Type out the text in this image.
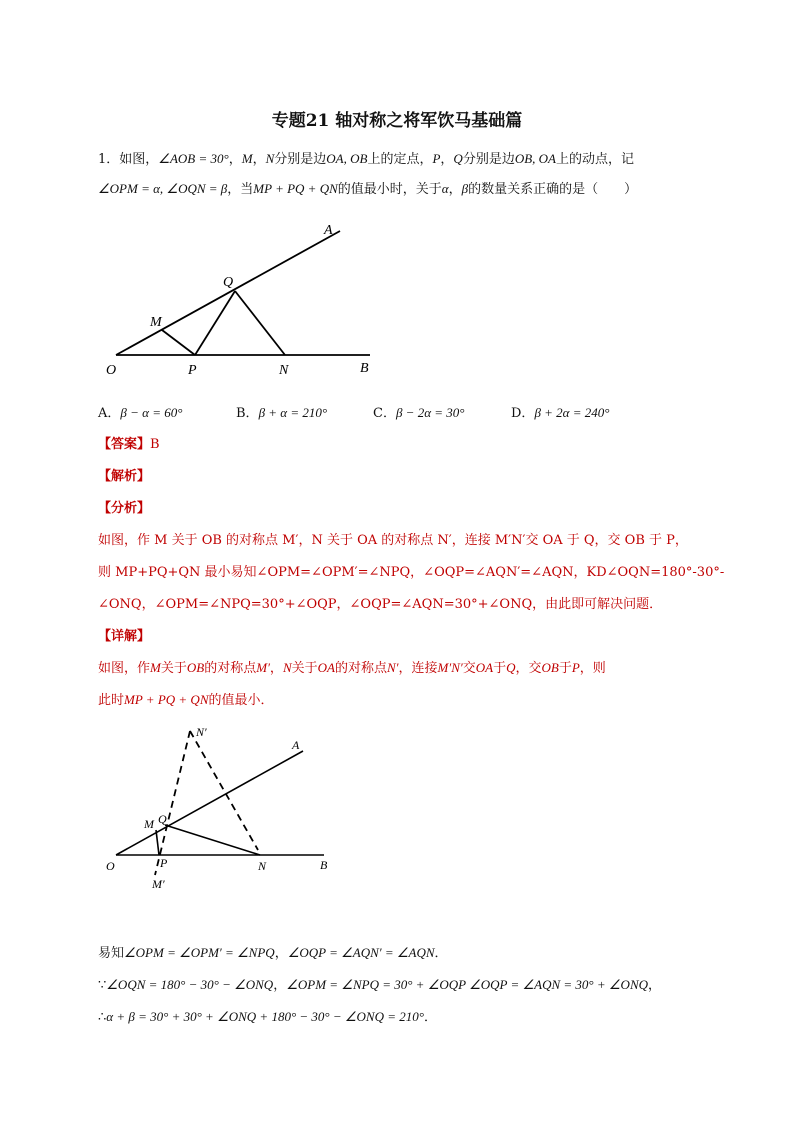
专题21 轴对称之将军饮马基础篇
1．如图，∠AOB = 30°，M，N分别是边OA, OB上的定点，P，Q分别是边OB, OA上的动点，记
∠OPM = α, ∠OQN = β，当MP + PQ + QN的值最小时，关于α，β的数量关系正确的是（　　）
A
Q
M
O	P	N	B
A．β − α = 60°	B．β + α = 210°	C．β − 2α = 30°	D．β + 2α = 240°
【答案】B
【解析】
【分析】
如图，作 M 关于 OB 的对称点 M′，N 关于 OA 的对称点 N′，连接 M′N′交 OA 于 Q，交 OB 于 P，
则 MP+PQ+QN 最小易知∠OPM=∠OPM′=∠NPQ，∠OQP=∠AQN′=∠AQN，KD∠OQN=180°-30°-
∠ONQ，∠OPM=∠NPQ=30°+∠OQP，∠OQP=∠AQN=30°+∠ONQ，由此即可解决问题．
【详解】
如图，作M关于OB的对称点M′，N关于OA的对称点N′，连接M′N′交OA于Q，交OB于P，则
此时MP + PQ + QN的值最小．
N′
A
M Q
O	P	N	B
M′
易知∠OPM = ∠OPM′ = ∠NPQ，∠OQP = ∠AQN′ = ∠AQN．
∵∠OQN = 180° − 30° − ∠ONQ，∠OPM = ∠NPQ = 30° + ∠OQP ∠OQP = ∠AQN = 30° + ∠ONQ，
∴α + β = 30° + 30° + ∠ONQ + 180° − 30° − ∠ONQ = 210°．
